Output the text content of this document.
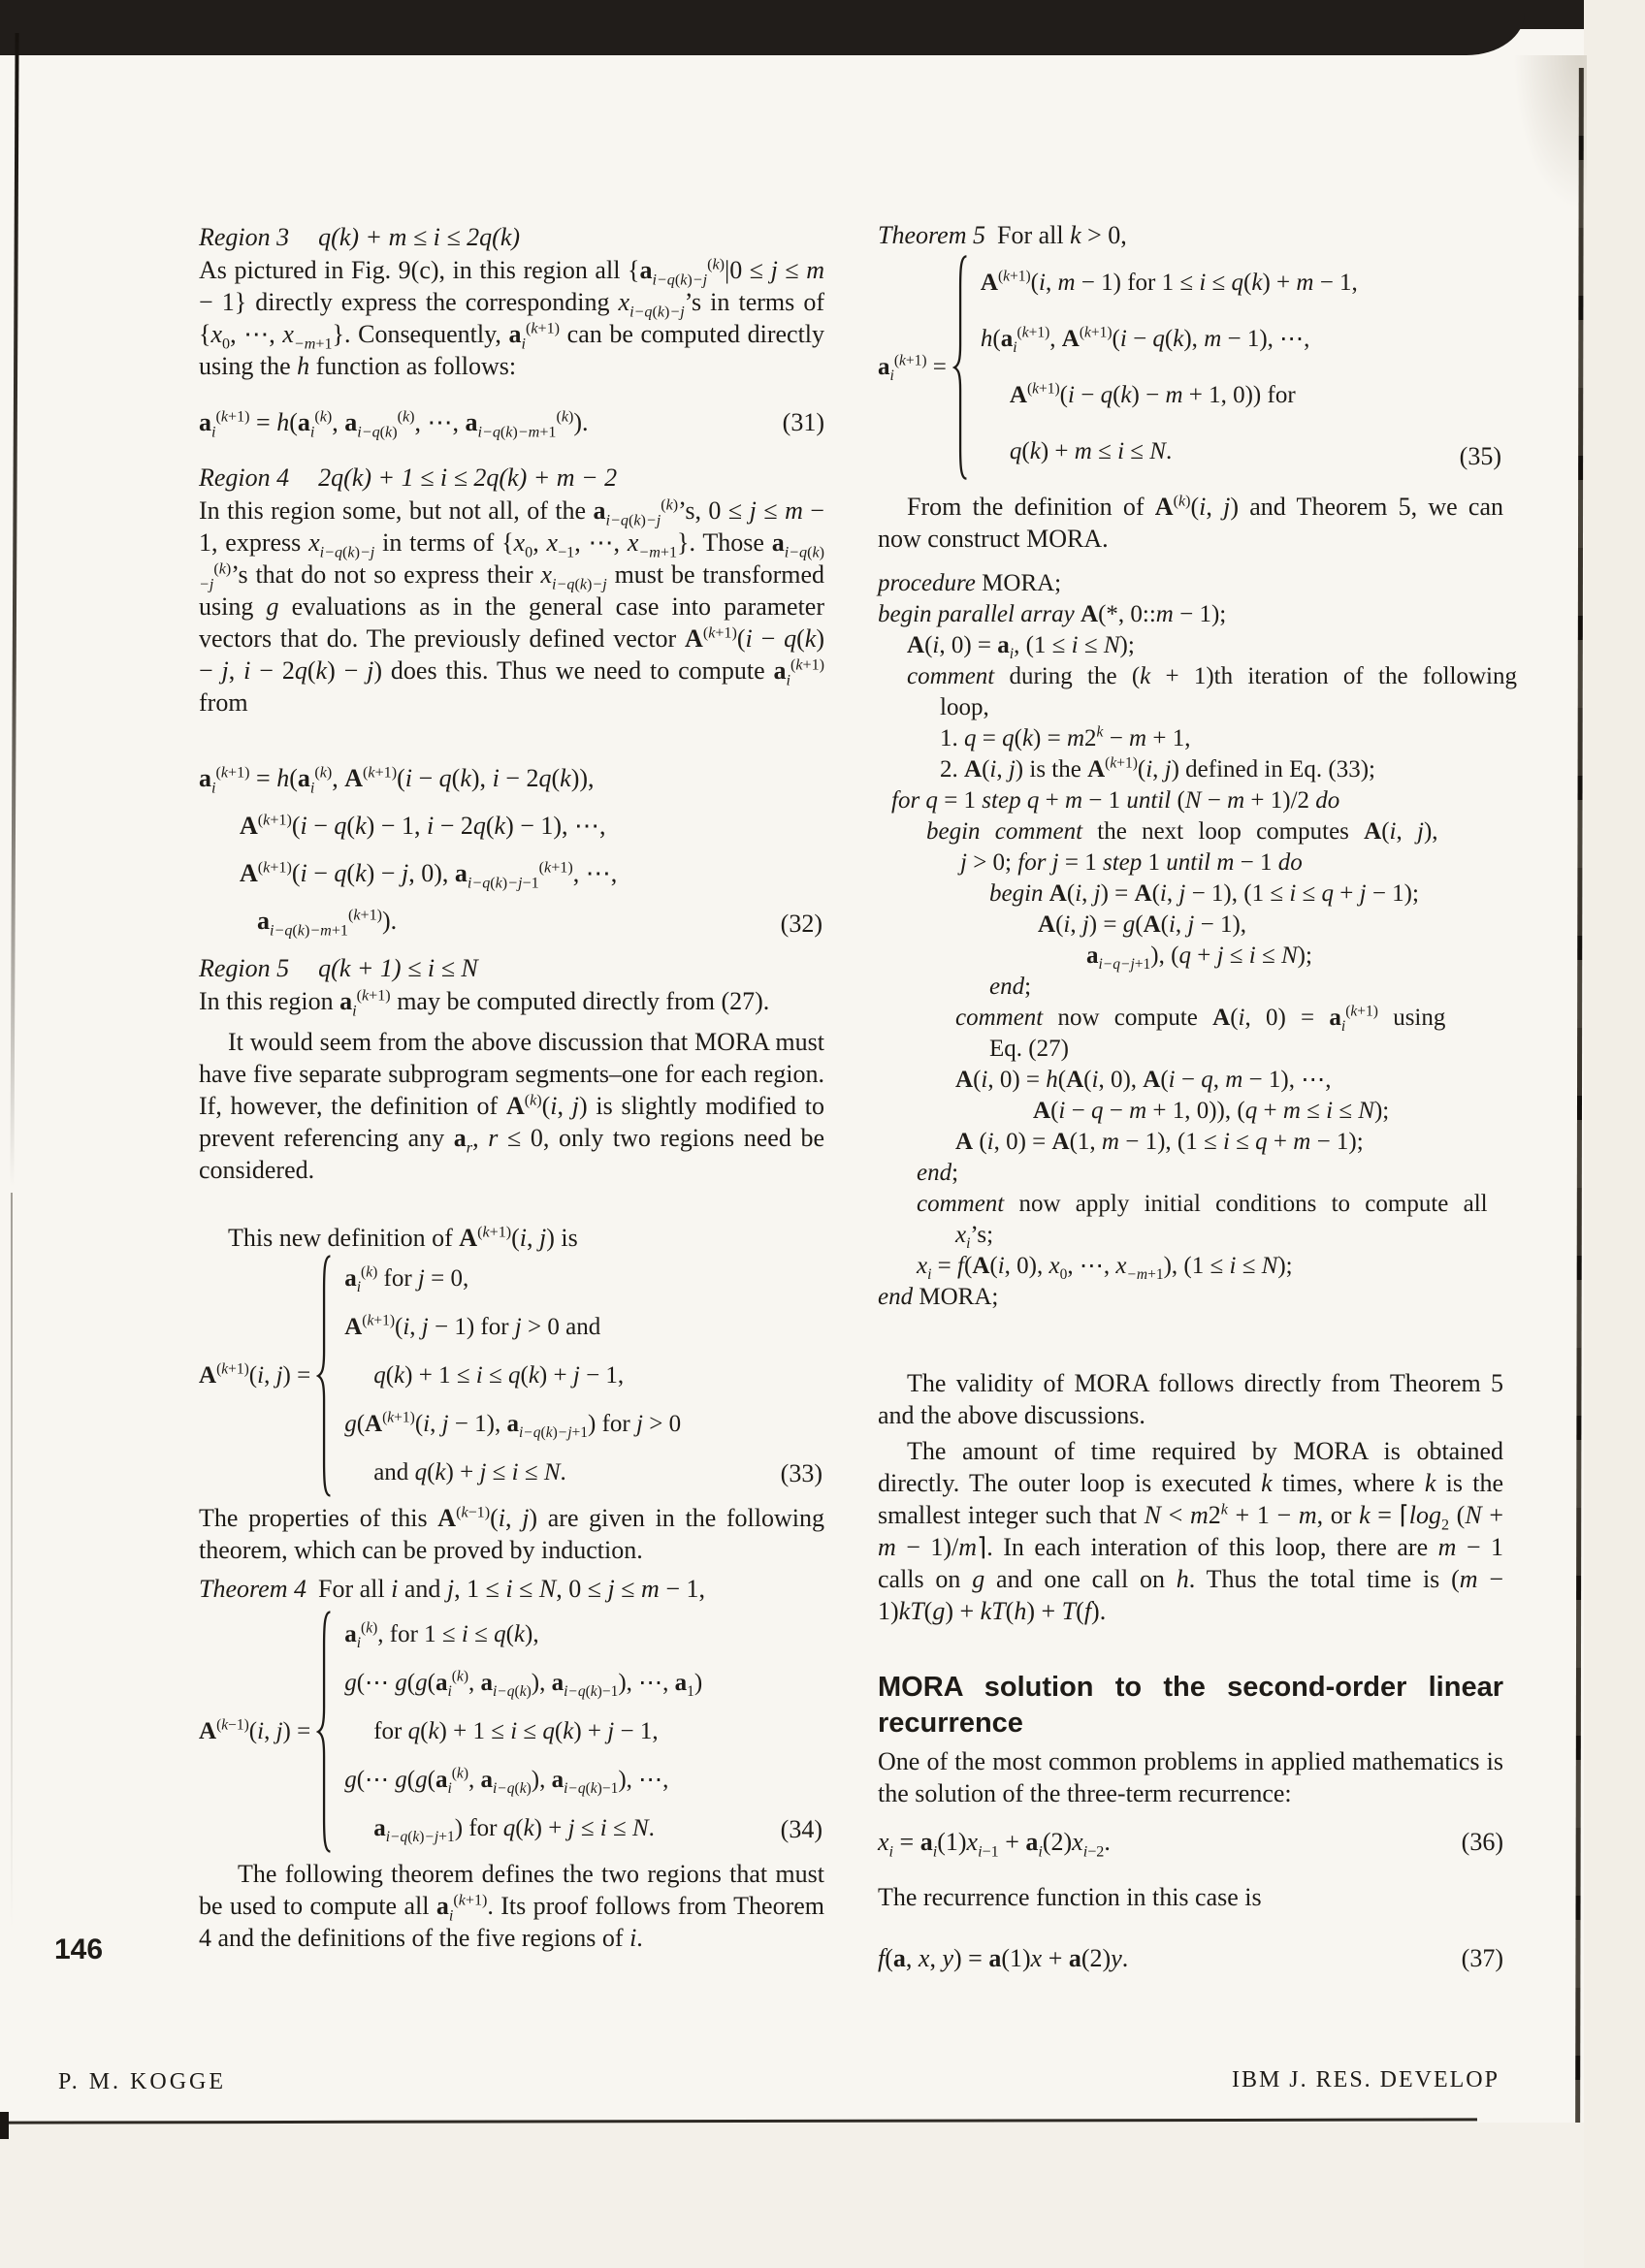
Region 3 q(k) + m ≤ i ≤ 2q(k)

As pictured in Fig. 9(c), in this region all $\{a_{i-q(k)-j}^{(k)}|0 \le j \le m - 1\}$ directly express the corresponding $x_{i-q(k)-j}’s$ in terms of {$x_0$, ⋯, $x_{-m+1}$}. Consequently, $a_i^{(k+1)}$ can be computed directly using the h function as follows:

$a_i^{(k+1)} = h(a_i^{(k)}$, $a_{i-q(k)}^{(k)}$, ⋯, $a_{i-q(k)-m+1}^{(k)}$).	(31)
Region 4 2q(k) + 1 ≤ i ≤ 2q(k) + m − 2

In this region some, but not all, of the $a_{i-q(k)-j}^{(k)}’s$, 0 ≤ j ≤ m − 1, express $x_{i-q(k)-j}$ in terms of {$x_0$, $x_{-1}$, ⋯, $x_{-m+1}$}. Those $a_{i-q(k)-j}^{(k)}’s$ that do not so express their $x_{i-q(k)-j}$ must be transformed using g evaluations as in the general case into parameter vectors that do. The previously defined vector $A^{(k+1)}(i - q(k) - j$, i − 2q(k) − j) does this. Thus we need to compute $a_i^{(k+1)}$ from

$a_i^{(k+1)} = h(a_i^{(k)}$, $A^{(k+1)}(i - q(k)$, i − 2q(k)),
$A^{(k+1)}(i - q(k) - 1$, i − 2q(k) − 1), ⋯,
$A^{(k+1)}(i - q(k) - j$, 0), $a_{i-q(k)-j-1}^{(k+1)}$, ⋯,
$a_{i-q(k)-m+1}^{(k+1)}$).	(32)
Region 5 q(k + 1) ≤ i ≤ N

In this region $a_i^{(k+1)}$ may be computed directly from (27).

It would seem from the above discussion that MORA must have five separate subprogram segments–one for each region. If, however, the definition of $A^{(k)}(i$, j) is slightly modified to prevent referencing any $a_r$, r ≤ 0, only two regions need be considered.

This new definition of $A^{(k+1)}(i$, j) is

$A^{(k+1)}(i$, j) =
$a_i^{(k)}$ for j = 0,
$A^{(k+1)}(i$, j − 1) for j > 0 and
q(k) + 1 ≤ i ≤ q(k) + j − 1,
$g(A^{(k+1)}(i$, j − 1), $a_{i-q(k)-j+1}$) for j > 0
and q(k) + j ≤ i ≤ N.	(33)

The properties of this $A^{(k-1)}(i$, j) are given in the following theorem, which can be proved by induction.

Theorem 4 For all i and j, 1 ≤ i ≤ N, 0 ≤ j ≤ m − 1,
$A^{(k-1)}(i$, j) =
$a_i^{(k)}$, for 1 ≤ i ≤ q(k),
g(⋯ $g(g(a_i^{(k)}$, $a_{i-q(k)}$), $a_{i-q(k)-1}$), ⋯, $a_1$)
for q(k) + 1 ≤ i ≤ q(k) + j − 1,
g(⋯ $g(g(a_i^{(k)}$, $a_{i-q(k)}$), $a_{i-q(k)-1}$), ⋯,
$a_{i-q(k)-j+1}$) for q(k) + j ≤ i ≤ N.	(34)

The following theorem defines the two regions that must be used to compute all $a_i^{(k+1)}$. Its proof follows from Theorem 4 and the definitions of the five regions of i.

Theorem 5 For all k > 0,
$a_i^{(k+1)}$ =
$A^{(k+1)}(i$, m − 1) for 1 ≤ i ≤ q(k) + m − 1,
$h(a_i^{(k+1)}$, $A^{(k+1)}(i - q(k)$, m − 1), ⋯,
$A^{(k+1)}(i - q(k) - m + 1$, 0)) for
q(k) + m ≤ i ≤ N.	(35)

From the definition of $A^{(k)}(i$, j) and Theorem 5, we can now construct MORA.

procedure MORA;
begin parallel array A(*, 0::m − 1);
A(i, $0) = a_i$, (1 ≤ i ≤ N);
comment during the (k + 1)th iteration of the following
loop,
1. $q = q(k) = m2^k - m + 1$,
2. A(i, j) is the $A^{(k+1)}(i$, j) defined in Eq. (33);
for q = 1 step q + m − 1 until (N − m + 1)/2 do
begin comment the next loop computes A(i, j),
j > 0; for j = 1 step 1 until m − 1 do
begin A(i, j) = A(i, j − 1), (1 ≤ i ≤ q + j − 1);
A(i, j) = g(A(i, j − 1),
$a_{i-q-j+1}$), (q + j ≤ i ≤ N);
end;
comment now compute A(i, $0) = a_i^{(k+1)}$ using
Eq. (27)
A(i, 0) = h(A(i, 0), A(i − q, m − 1), ⋯,
A(i − q − m + 1, 0)), (q + m ≤ i ≤ N);
A (i, 0) = A(1, m − 1), (1 ≤ i ≤ q + m − 1);
end;
comment now apply initial conditions to compute all
$x_i’s$;
$x_i = f(A(i$, 0), $x_0$, ⋯, $x_{-m+1}$), (1 ≤ i ≤ N);
end MORA;

The validity of MORA follows directly from Theorem 5 and the above discussions.

The amount of time required by MORA is obtained directly. The outer loop is executed k times, where k is the smallest integer such that $N < m2^k + 1 - m$, or $k = ⌈\log_2$ (N + m − 1)/m⌉. In each interation of this loop, there are m − 1 calls on g and one call on h. Thus the total time is (m − 1)kT(g) + kT(h) + T(f).

MORA solution to the second-order linear recurrence

One of the most common problems in applied mathematics is the solution of the three-term recurrence:

$x_i = a_i(1)x_{i-1} + a_i(2)x_{i-2}$.	(36)

The recurrence function in this case is

f(a, x, y) = a(1)x + a(2)y.	(37)
146
P. M. KOGGE	IBM J. RES. DEVELOP
